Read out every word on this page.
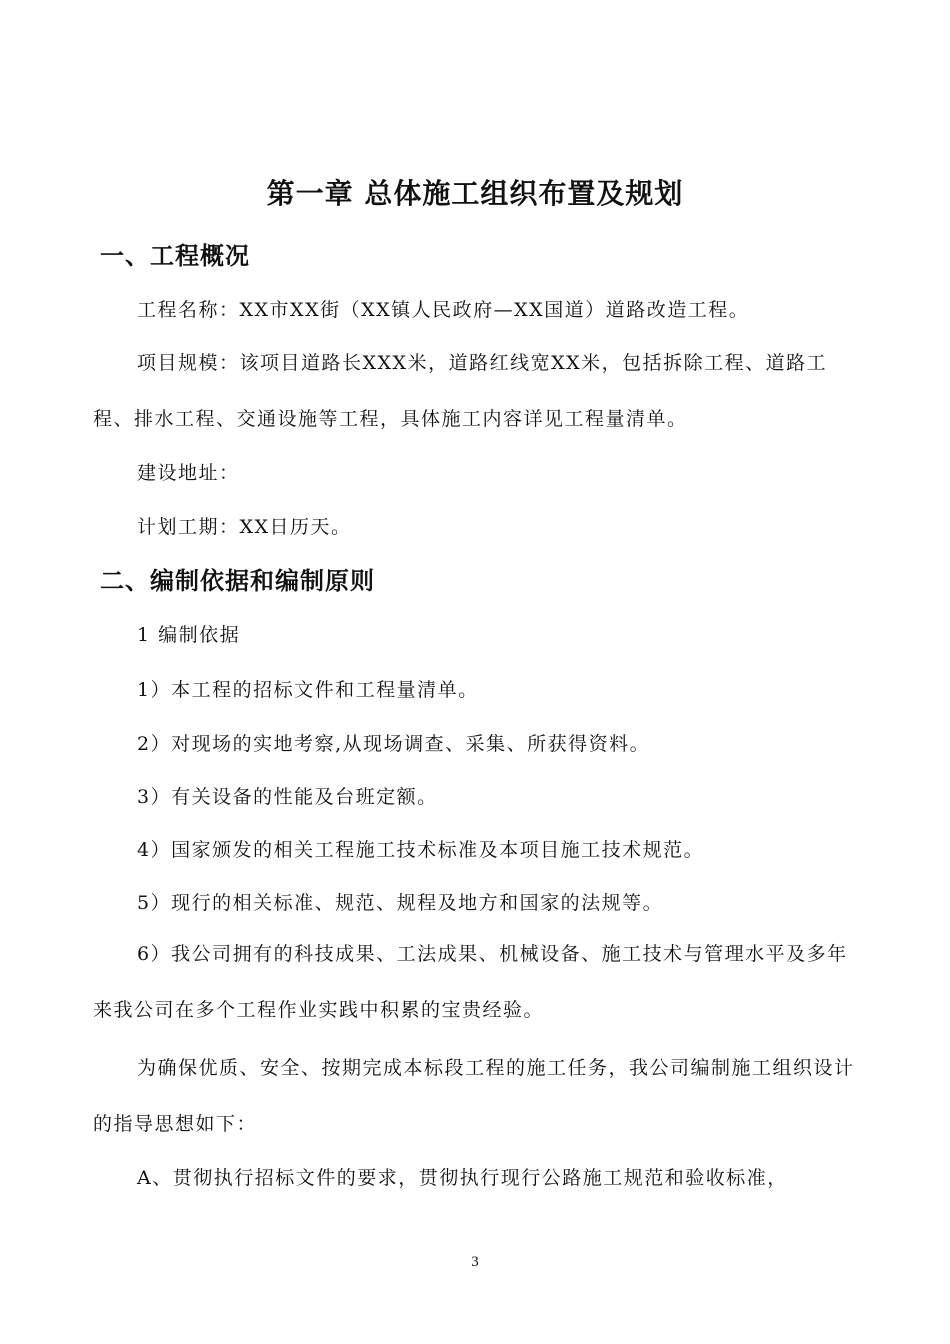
第一章 总体施工组织布置及规划
一、工程概况

工程名称：XX市XX街（XX镇人民政府—XX国道）道路改造工程。

项目规模：该项目道路长XXX米，道路红线宽XX米，包括拆除工程、道路工程、排水工程、交通设施等工程，具体施工内容详见工程量清单。

建设地址：

计划工期：XX日历天。

二、编制依据和编制原则

1 编制依据

1）本工程的招标文件和工程量清单。

2）对现场的实地考察,从现场调查、采集、所获得资料。

3）有关设备的性能及台班定额。

4）国家颁发的相关工程施工技术标准及本项目施工技术规范。

5）现行的相关标准、规范、规程及地方和国家的法规等。

6）我公司拥有的科技成果、工法成果、机械设备、施工技术与管理水平及多年来我公司在多个工程作业实践中积累的宝贵经验。

为确保优质、安全、按期完成本标段工程的施工任务，我公司编制施工组织设计的指导思想如下：

A、贯彻执行招标文件的要求，贯彻执行现行公路施工规范和验收标准，

3
